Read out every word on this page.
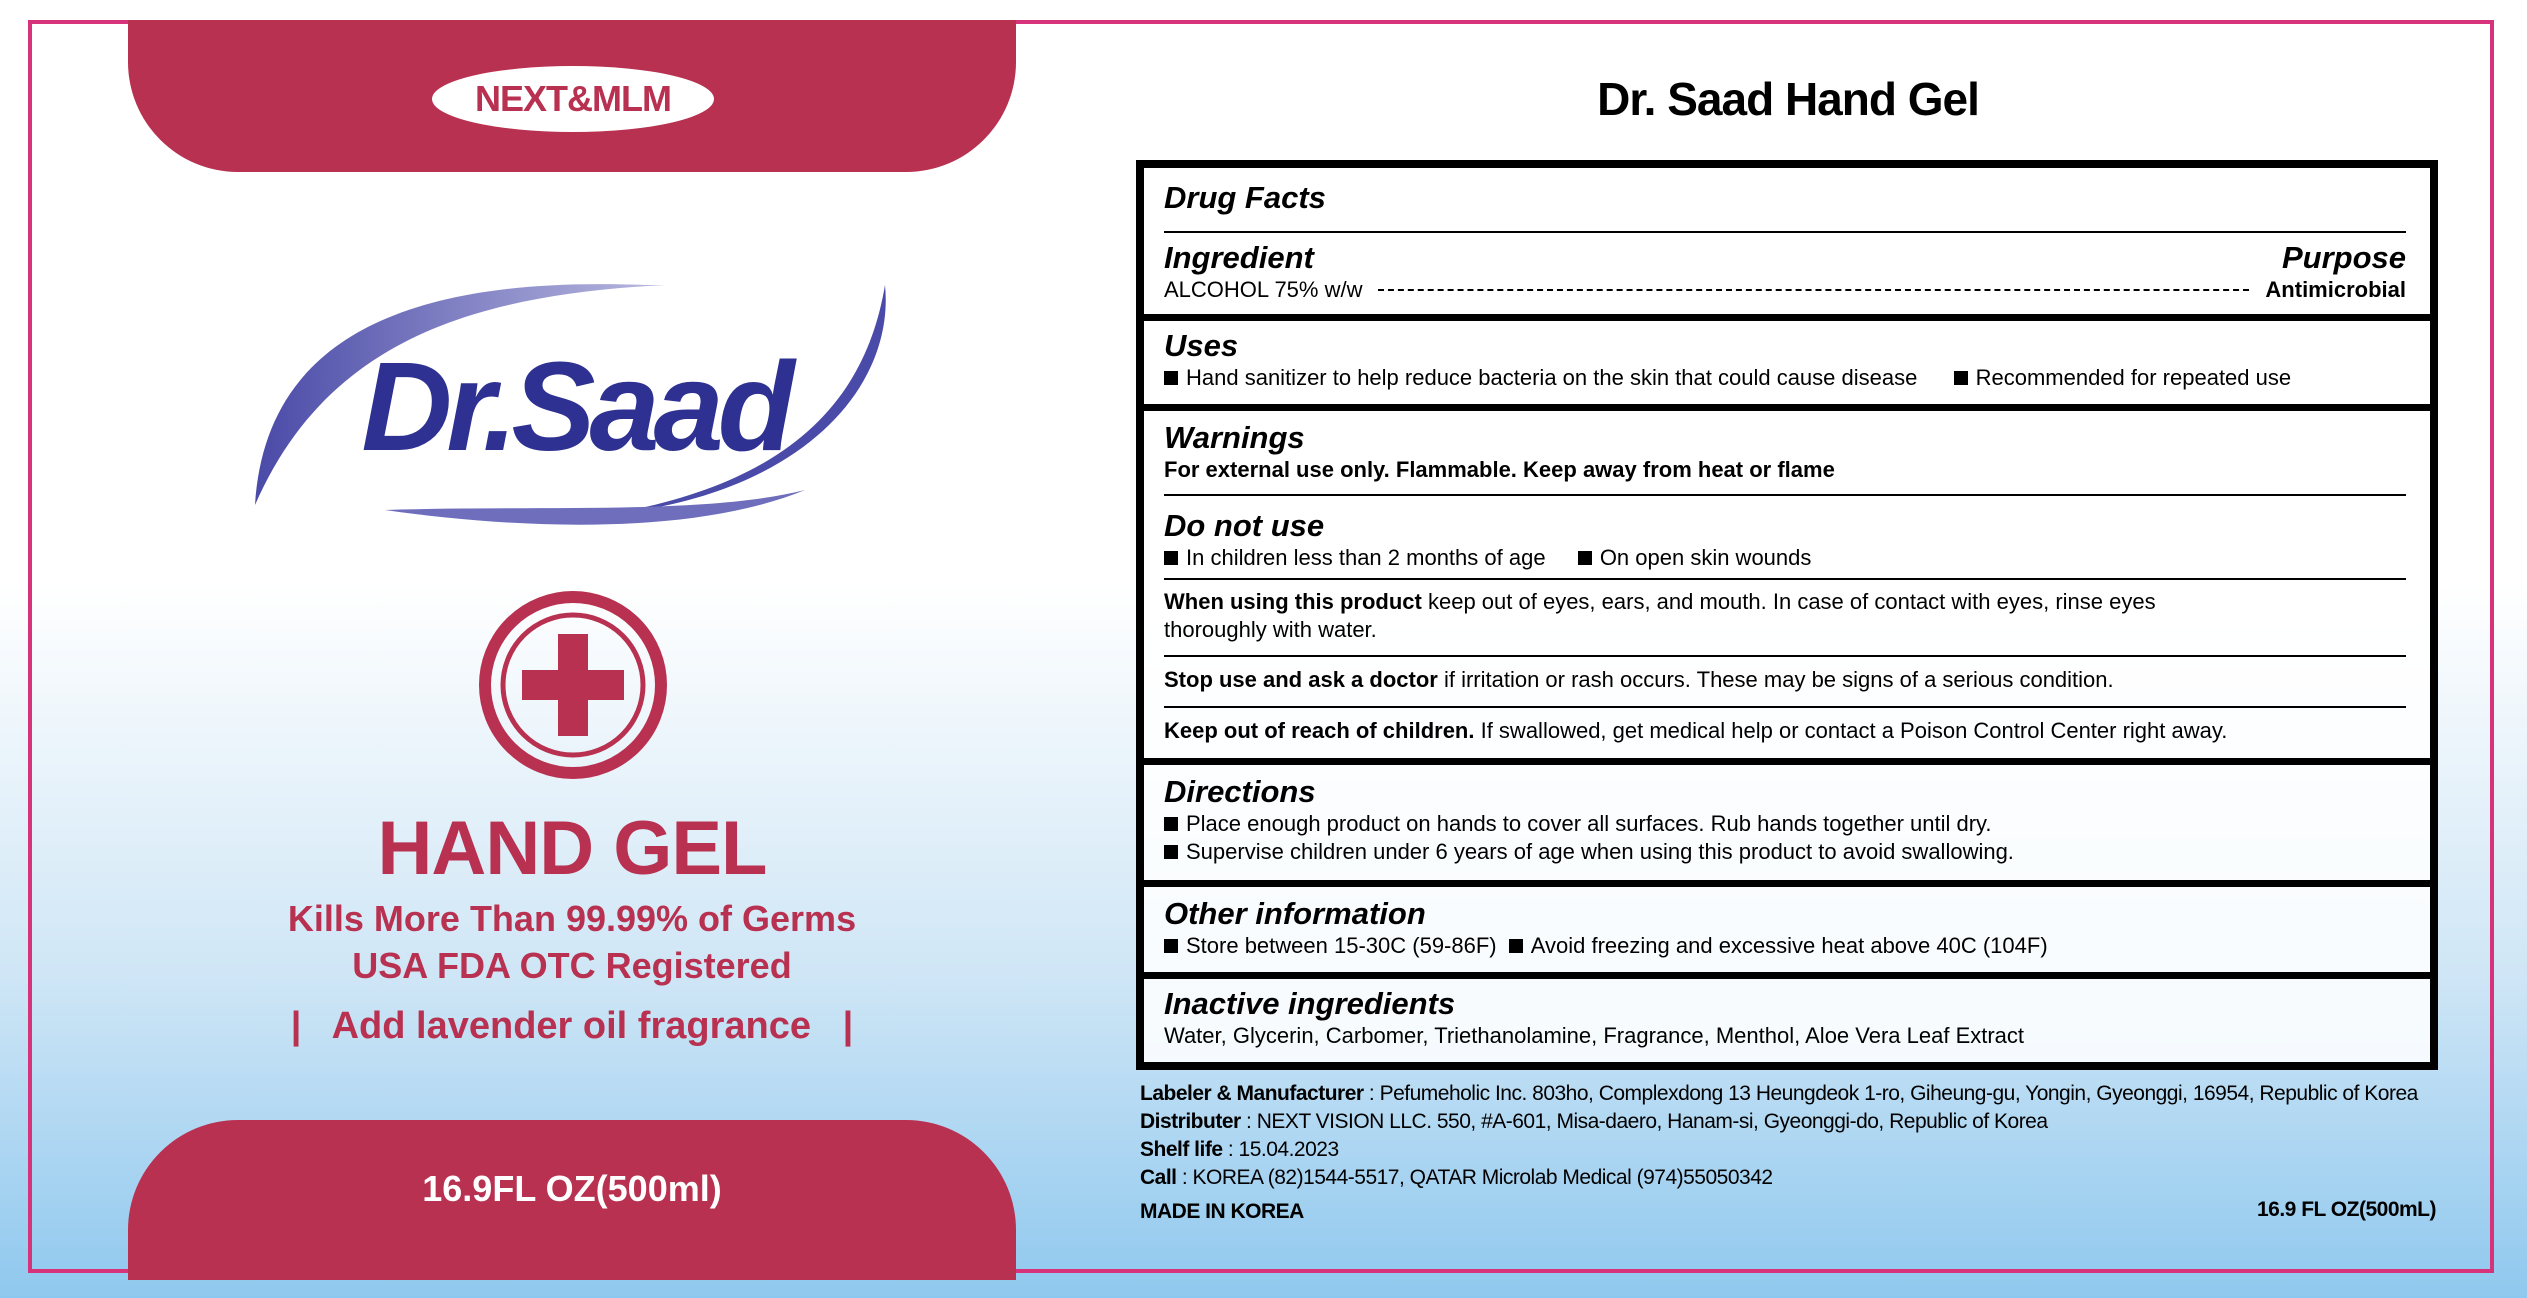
NEXT&MLM
Dr.Saad
HAND GEL
Kills More Than 99.99% of Germs
USA FDA OTC Registered
|   Add lavender oil fragrance   |
16.9FL OZ(500ml)
Dr. Saad Hand Gel
Drug Facts
Ingredient	Purpose
ALCOHOL 75% w/w	Antimicrobial
Uses
Hand sanitizer to help reduce bacteria on the skin that could cause disease	Recommended for repeated use
Warnings
For external use only. Flammable. Keep away from heat or flame
Do not use
In children less than 2 months of age On open skin wounds
When using this product keep out of eyes, ears, and mouth. In case of contact with eyes, rinse eyes
thoroughly with water.
Stop use and ask a doctor if irritation or rash occurs. These may be signs of a serious condition.
Keep out of reach of children. If swallowed, get medical help or contact a Poison Control Center right away.
Directions
Place enough product on hands to cover all surfaces. Rub hands together until dry.
Supervise children under 6 years of age when using this product to avoid swallowing.
Other information
Store between 15-30C (59-86F) Avoid freezing and excessive heat above 40C (104F)
Inactive ingredients
Water, Glycerin, Carbomer, Triethanolamine, Fragrance, Menthol, Aloe Vera Leaf Extract
Labeler & Manufacturer : Pefumeholic Inc. 803ho, Complexdong 13 Heungdeok 1-ro, Giheung-gu, Yongin, Gyeonggi, 16954, Republic of Korea
Distributer : NEXT VISION LLC. 550, #A-601, Misa-daero, Hanam-si, Gyeonggi-do, Republic of Korea
Shelf life : 15.04.2023
Call : KOREA (82)1544-5517, QATAR Microlab Medical (974)55050342
MADE IN KOREA	16.9 FL OZ(500mL)
